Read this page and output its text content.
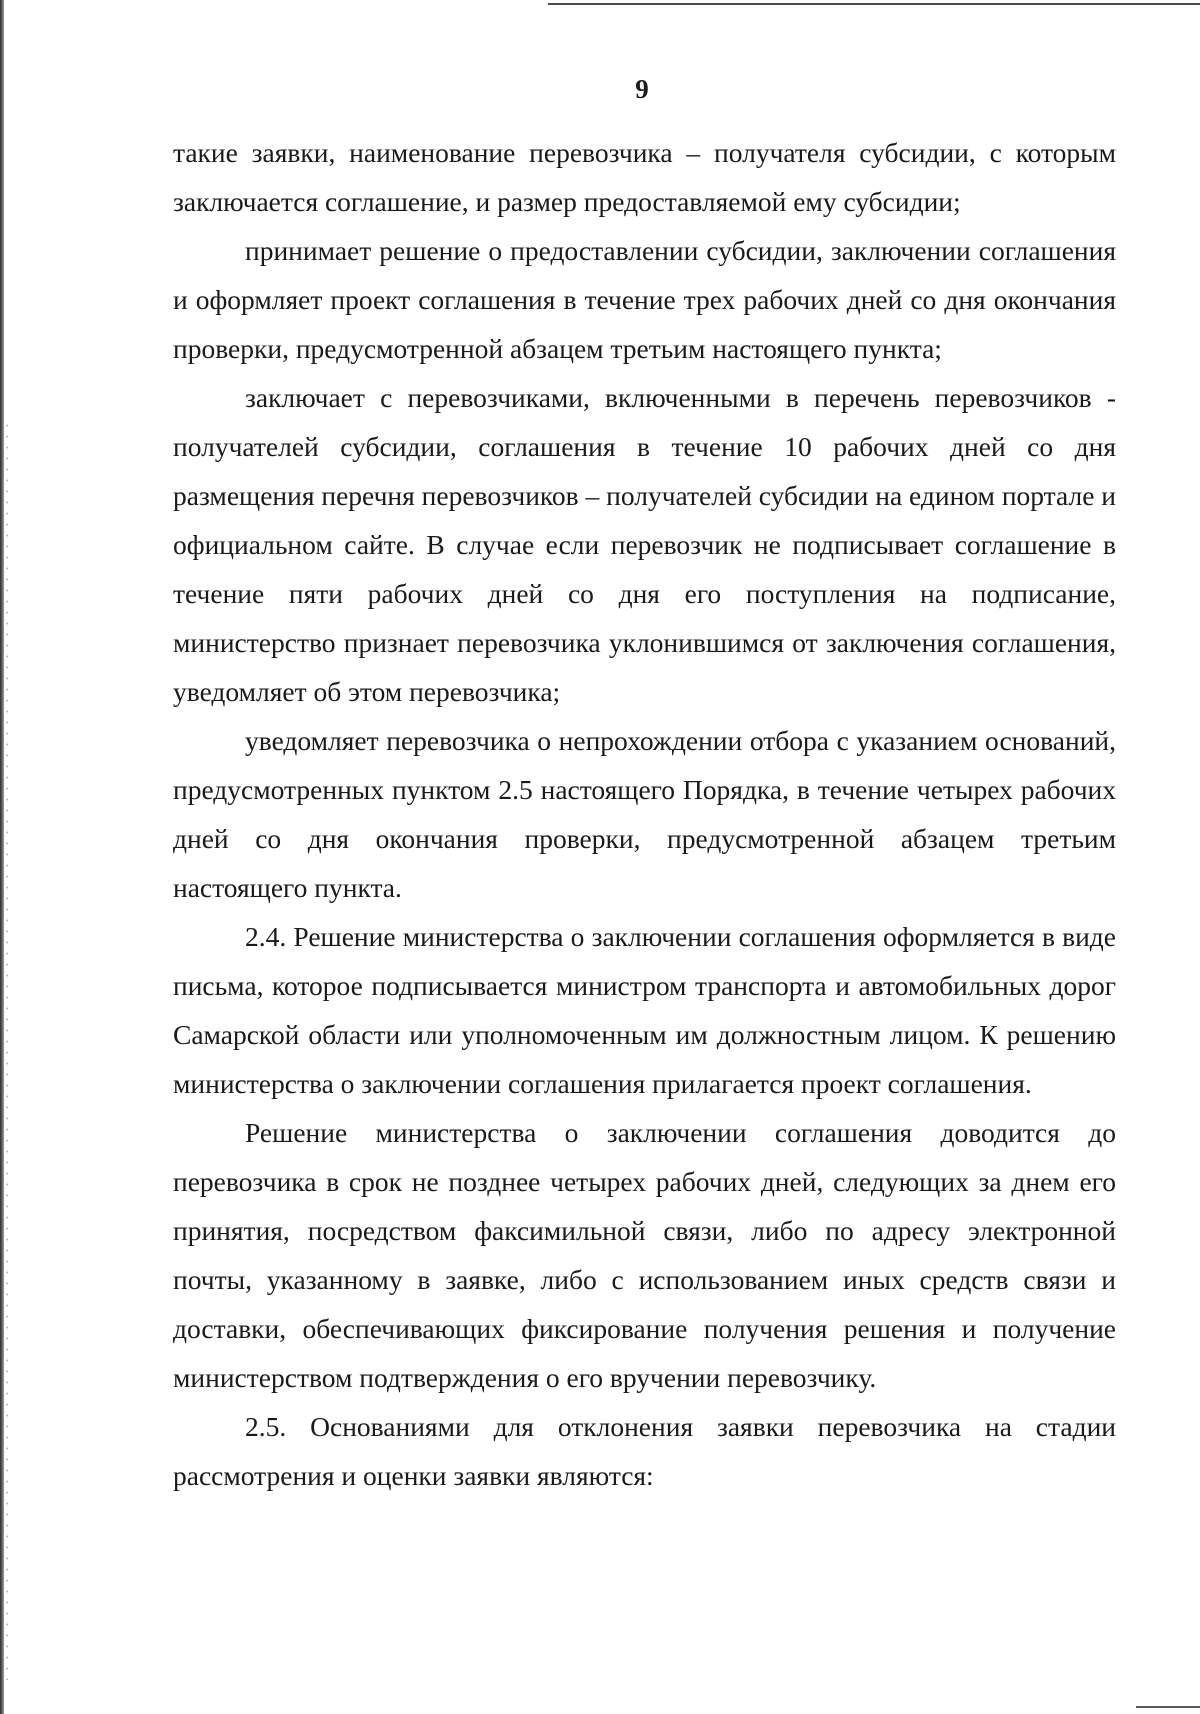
9

такие заявки, наименование перевозчика – получателя субсидии, с которым заключается соглашение, и размер предоставляемой ему субсидии;

принимает решение о предоставлении субсидии, заключении соглашения и оформляет проект соглашения в течение трех рабочих дней со дня окончания проверки, предусмотренной абзацем третьим настоящего пункта;

заключает с перевозчиками, включенными в перечень перевозчиков - получателей субсидии, соглашения в течение 10 рабочих дней со дня размещения перечня перевозчиков – получателей субсидии на едином портале и официальном сайте. В случае если перевозчик не подписывает соглашение в течение пяти рабочих дней со дня его поступления на подписание, министерство признает перевозчика уклонившимся от заключения соглашения, уведомляет об этом перевозчика;

уведомляет перевозчика о непрохождении отбора с указанием оснований, предусмотренных пунктом 2.5 настоящего Порядка, в течение четырех рабочих дней со дня окончания проверки, предусмотренной абзацем третьим настоящего пункта.

2.4. Решение министерства о заключении соглашения оформляется в виде письма, которое подписывается министром транспорта и автомобильных дорог Самарской области или уполномоченным им должностным лицом. К решению министерства о заключении соглашения прилагается проект соглашения.

Решение министерства о заключении соглашения доводится до перевозчика в срок не позднее четырех рабочих дней, следующих за днем его принятия, посредством факсимильной связи, либо по адресу электронной почты, указанному в заявке, либо с использованием иных средств связи и доставки, обеспечивающих фиксирование получения решения и получение министерством подтверждения о его вручении перевозчику.

2.5. Основаниями для отклонения заявки перевозчика на стадии рассмотрения и оценки заявки являются:
